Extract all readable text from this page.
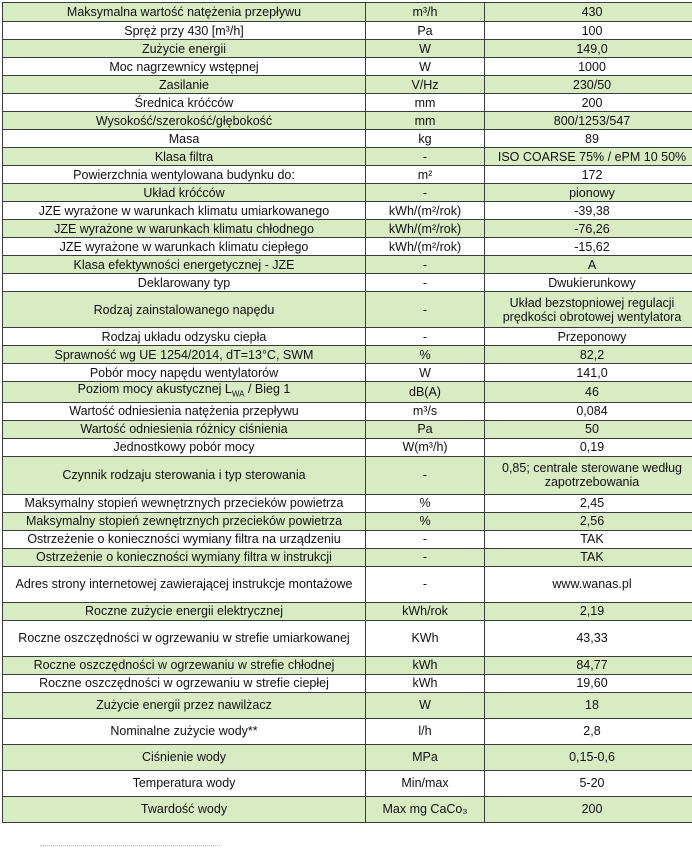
Maksymalna wartość natężenia przepływu	m³/h	430

Spręż przy 430 [m³/h]	Pa	100

Zużycie energii	W	149,0

Moc nagrzewnicy wstępnej	W	1000

Zasilanie	V/Hz	230/50

Średnica króćców	mm	200

Wysokość/szerokość/głębokość	mm	800/1253/547

Masa	kg	89

Klasa filtra	-	ISO COARSE 75% / ePM 10 50%

Powierzchnia wentylowana budynku do:	m²	172

Układ króćców	-	pionowy

JZE wyrażone w warunkach klimatu umiarkowanego	kWh/(m²/rok)	-39,38

JZE wyrażone w warunkach klimatu chłodnego	kWh/(m²/rok)	-76,26

JZE wyrażone w warunkach klimatu ciepłego	kWh/(m²/rok)	-15,62

Klasa efektywności energetycznej - JZE	-	A

Deklarowany typ	-	Dwukierunkowy

Rodzaj zainstalowanego napędu	-	Układ bezstopniowej regulacji
prędkości obrotowej wentylatora

Rodzaj układu odzysku ciepła	-	Przeponowy

Sprawność wg UE 1254/2014, dT=13°C, SWM	%	82,2

Pobór mocy napędu wentylatorów	W	141,0

Poziom mocy akustycznej $L_{WA}$ / Bieg 1	dB(A)	46

Wartość odniesienia natężenia przepływu	m³/s	0,084

Wartość odniesienia różnicy ciśnienia	Pa	50

Jednostkowy pobór mocy	W(m³/h)	0,19

Czynnik rodzaju sterowania i typ sterowania	-	0,85; centrale sterowane według
zapotrzebowania

Maksymalny stopień wewnętrznych przecieków powietrza	%	2,45

Maksymalny stopień zewnętrznych przecieków powietrza	%	2,56

Ostrzeżenie o konieczności wymiany filtra na urządzeniu	-	TAK

Ostrzeżenie o konieczności wymiany filtra w instrukcji	-	TAK

Adres strony internetowej zawierającej instrukcje montażowe	-	www.wanas.pl

Roczne zużycie energii elektrycznej	kWh/rok	2,19

Roczne oszczędności w ogrzewaniu w strefie umiarkowanej	KWh	43,33

Roczne oszczędności w ogrzewaniu w strefie chłodnej	kWh	84,77

Roczne oszczędności w ogrzewaniu w strefie ciepłej	kWh	19,60

Zużycie energii przez nawilżacz	W	18

Nominalne zużycie wody**	l/h	2,8

Ciśnienie wody	MPa	0,15-0,6

Temperatura wody	Min/max	5-20

Twardość wody	Max mg CaCo₃	200
